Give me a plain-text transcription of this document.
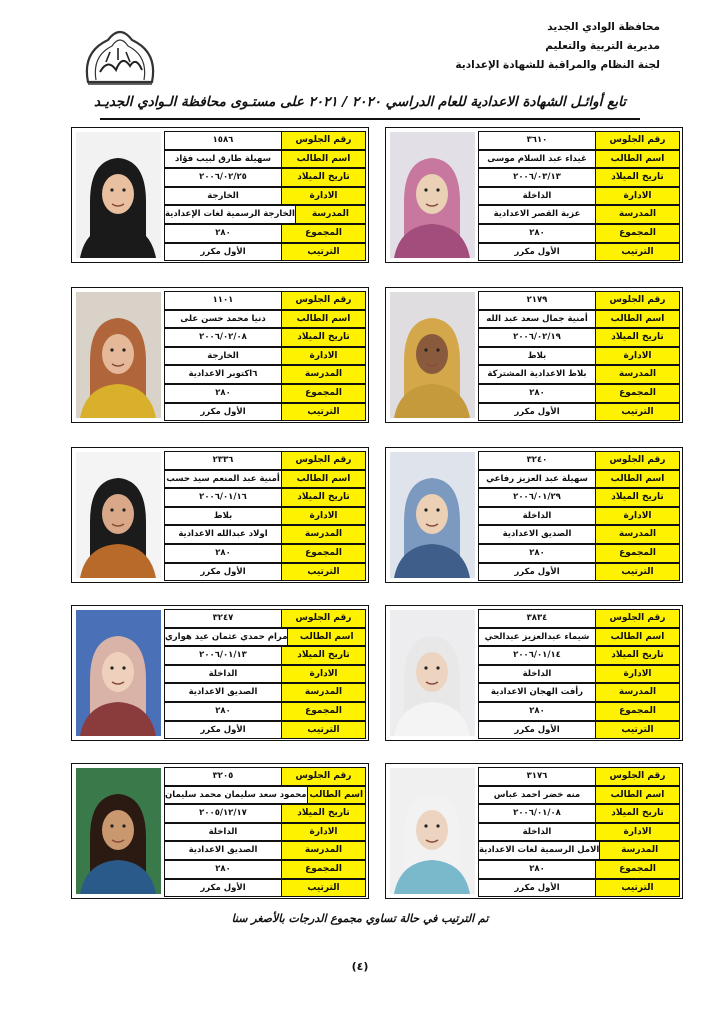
محافظة الوادي الجديد
مديرية التربية والتعليم
لجنة النظام والمراقبة للشهادة الإعدادية
تابع أوائـل الشهادة الاعدادية للعام الدراسي ٢٠٢٠ / ٢٠٢١ على مستـوى محافظة الـوادي الجديـد
رقم الجلوس
٣٦١٠
اسم الطالب
غيداء عبد السلام موسى
تاريخ الميلاد
٢٠٠٦/٠٣/١٣
الادارة
الداخلة
المدرسة
عزبة القصر الاعدادية
المجموع
٢٨٠
الترتيب
الأول مكرر
رقم الجلوس
١٥٨٦
اسم الطالب
سهيلة طارق لبيب فؤاد
تاريخ الميلاد
٢٠٠٦/٠٢/٢٥
الادارة
الخارجة
المدرسة
الخارجة الرسمية لغات الإعدادية
المجموع
٢٨٠
الترتيب
الأول مكرر
رقم الجلوس
٢١٧٩
اسم الطالب
أمنية جمال سعد عبد الله
تاريخ الميلاد
٢٠٠٦/٠٢/١٩
الادارة
بلاط
المدرسة
بلاط الاعدادية المشتركة
المجموع
٢٨٠
الترتيب
الأول مكرر
رقم الجلوس
١١٠١
اسم الطالب
دنيا محمد حسن على
تاريخ الميلاد
٢٠٠٦/٠٢/٠٨
الادارة
الخارجة
المدرسة
٦اكتوبر الاعدادية
المجموع
٢٨٠
الترتيب
الأول مكرر
رقم الجلوس
٣٢٤٠
اسم الطالب
سهيلة عبد العزيز رفاعي
تاريخ الميلاد
٢٠٠٦/٠١/٢٩
الادارة
الداخلة
المدرسة
الصديق الاعدادية
المجموع
٢٨٠
الترتيب
الأول مكرر
رقم الجلوس
٢٣٣٦
اسم الطالب
أمنية عبد المنعم سيد حسب
تاريخ الميلاد
٢٠٠٦/٠١/١٦
الادارة
بلاط
المدرسة
اولاد عبدالله الاعدادية
المجموع
٢٨٠
الترتيب
الأول مكرر
رقم الجلوس
٣٨٣٤
اسم الطالب
شيماء عبدالعزيز عبدالحي
تاريخ الميلاد
٢٠٠٦/٠١/١٤
الادارة
الداخلة
المدرسة
رأفت الهجان الاعدادية
المجموع
٢٨٠
الترتيب
الأول مكرر
رقم الجلوس
٣٢٤٧
اسم الطالب
مرام حمدي عثمان عيد هواري
تاريخ الميلاد
٢٠٠٦/٠١/١٣
الادارة
الداخلة
المدرسة
الصديق الاعدادية
المجموع
٢٨٠
الترتيب
الأول مكرر
رقم الجلوس
٣١٧٦
اسم الطالب
منه خضر احمد عباس
تاريخ الميلاد
٢٠٠٦/٠١/٠٨
الادارة
الداخلة
المدرسة
الامل الرسمية لغات الاعدادية
المجموع
٢٨٠
الترتيب
الأول مكرر
رقم الجلوس
٣٢٠٥
اسم الطالب
محمود سعد سليمان محمد سليمان
تاريخ الميلاد
٢٠٠٥/١٢/١٧
الادارة
الداخلة
المدرسة
الصديق الاعدادية
المجموع
٢٨٠
الترتيب
الأول مكرر
تم الترتيب في حالة تساوي مجموع الدرجات بالأصغر سنا
(٤)
